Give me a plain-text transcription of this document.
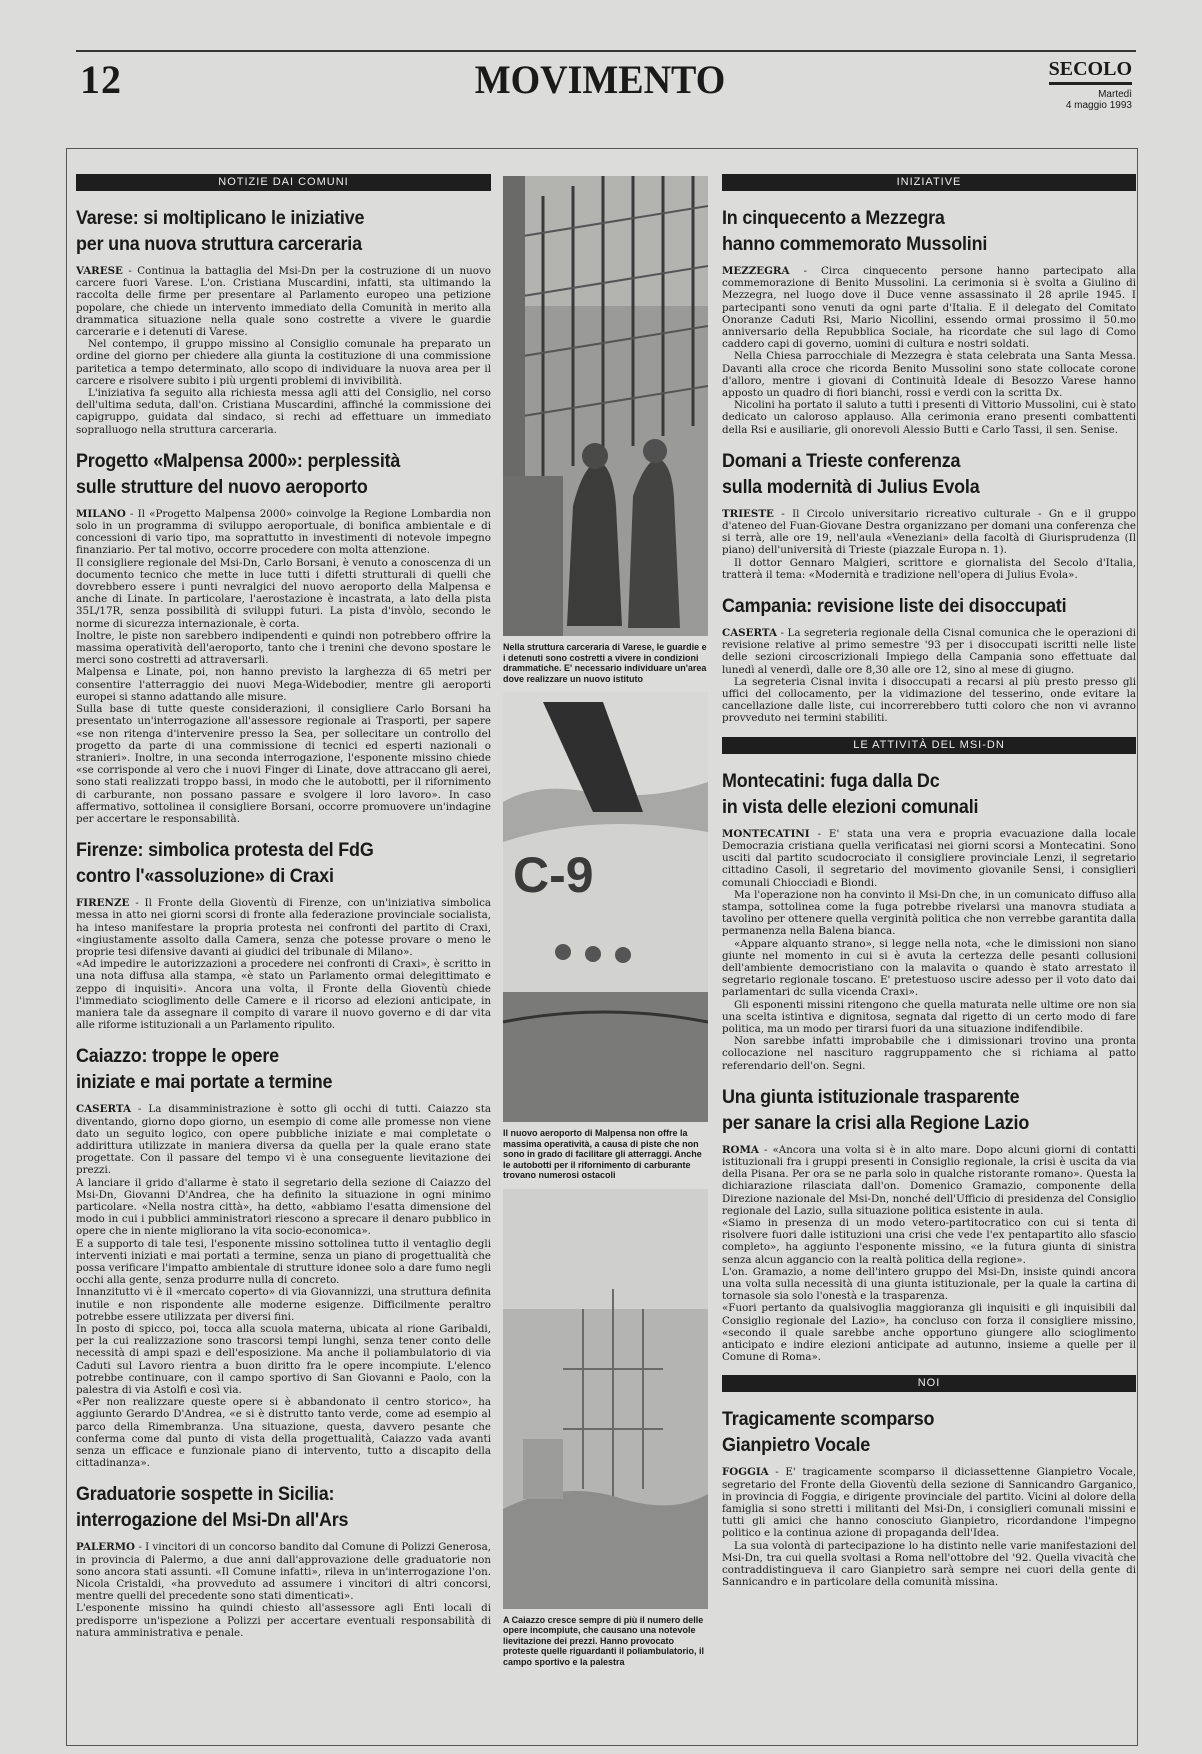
12	MOVIMENTO	SECOLO
Martedì
4 maggio 1993
NOTIZIE DAI COMUNI
Varese: si moltiplicano le iniziative
per una nuova struttura carceraria

VARESE - Continua la battaglia del Msi-Dn per la costruzione di un nuovo carcere fuori Varese. L'on. Cristiana Muscardini, infatti, sta ultimando la raccolta delle firme per presentare al Parlamento europeo una petizione popolare, che chiede un intervento immediato della Comunità in merito alla drammatica situazione nella quale sono costrette a vivere le guardie carcerarie e i detenuti di Varese.

Nel contempo, il gruppo missino al Consiglio comunale ha preparato un ordine del giorno per chiedere alla giunta la costituzione di una commissione paritetica a tempo determinato, allo scopo di individuare la nuova area per il carcere e risolvere subito i più urgenti problemi di invivibilità.

L'iniziativa fa seguito alla richiesta messa agli atti del Consiglio, nel corso dell'ultima seduta, dall'on. Cristiana Muscardini, affinché la commissione dei capigruppo, guidata dal sindaco, si rechi ad effettuare un immediato sopralluogo nella struttura carceraria.

Progetto «Malpensa 2000»: perplessità
sulle strutture del nuovo aeroporto

MILANO - Il «Progetto Malpensa 2000» coinvolge la Regione Lombardia non solo in un programma di sviluppo aeroportuale, di bonifica ambientale e di concessioni di vario tipo, ma soprattutto in investimenti di notevole impegno finanziario. Per tal motivo, occorre procedere con molta attenzione.

Il consigliere regionale del Msi-Dn, Carlo Borsani, è venuto a conoscenza di un documento tecnico che mette in luce tutti i difetti strutturali di quelli che dovrebbero essere i punti nevralgici del nuovo aeroporto della Malpensa e anche di Linate. In particolare, l'aerostazione è incastrata, a lato della pista 35L/17R, senza possibilità di sviluppi futuri. La pista d'invòlo, secondo le norme di sicurezza internazionale, è corta.

Inoltre, le piste non sarebbero indipendenti e quindi non potrebbero offrire la massima operatività dell'aeroporto, tanto che i trenini che devono spostare le merci sono costretti ad attraversarli.

Malpensa e Linate, poi, non hanno previsto la larghezza di 65 metri per consentire l'atterraggio dei nuovi Mega-Widebodier, mentre gli aeroporti europei si stanno adattando alle misure.

Sulla base di tutte queste considerazioni, il consigliere Carlo Borsani ha presentato un'interrogazione all'assessore regionale ai Trasporti, per sapere «se non ritenga d'intervenire presso la Sea, per sollecitare un controllo del progetto da parte di una commissione di tecnici ed esperti nazionali o stranieri». Inoltre, in una seconda interrogazione, l'esponente missino chiede «se corrisponde al vero che i nuovi Finger di Linate, dove attraccano gli aerei, sono stati realizzati troppo bassi, in modo che le autobotti, per il rifornimento di carburante, non possano passare e svolgere il loro lavoro». In caso affermativo, sottolinea il consigliere Borsani, occorre promuovere un'indagine per accertare le responsabilità.

Firenze: simbolica protesta del FdG
contro l'«assoluzione» di Craxi

FIRENZE - Il Fronte della Gioventù di Firenze, con un'iniziativa simbolica messa in atto nei giorni scorsi di fronte alla federazione provinciale socialista, ha inteso manifestare la propria protesta nei confronti del partito di Craxi, «ingiustamente assolto dalla Camera, senza che potesse provare o meno le proprie tesi difensive davanti ai giudici del tribunale di Milano».

«Ad impedire le autorizzazioni a procedere nei confronti di Craxi», è scritto in una nota diffusa alla stampa, «è stato un Parlamento ormai delegittimato e zeppo di inquisiti». Ancora una volta, il Fronte della Gioventù chiede l'immediato scioglimento delle Camere e il ricorso ad elezioni anticipate, in maniera tale da assegnare il compito di varare il nuovo governo e di dar vita alle riforme istituzionali a un Parlamento ripulito.

Caiazzo: troppe le opere
iniziate e mai portate a termine

CASERTA - La disamministrazione è sotto gli occhi di tutti. Caiazzo sta diventando, giorno dopo giorno, un esempio di come alle promesse non viene dato un seguito logico, con opere pubbliche iniziate e mai completate o addirittura utilizzate in maniera diversa da quella per la quale erano state progettate. Con il passare del tempo vi è una conseguente lievitazione dei prezzi.

A lanciare il grido d'allarme è stato il segretario della sezione di Caiazzo del Msi-Dn, Giovanni D'Andrea, che ha definito la situazione in ogni minimo particolare. «Nella nostra città», ha detto, «abbiamo l'esatta dimensione del modo in cui i pubblici amministratori riescono a sprecare il denaro pubblico in opere che in niente migliorano la vita socio-economica».

E a supporto di tale tesi, l'esponente missino sottolinea tutto il ventaglio degli interventi iniziati e mai portati a termine, senza un piano di progettualità che possa verificare l'impatto ambientale di strutture idonee solo a dare fumo negli occhi alla gente, senza produrre nulla di concreto.

Innanzitutto vi è il «mercato coperto» di via Giovannizzi, una struttura definita inutile e non rispondente alle moderne esigenze. Difficilmente peraltro potrebbe essere utilizzata per diversi fini.

In posto di spicco, poi, tocca alla scuola materna, ubicata al rione Garibaldi, per la cui realizzazione sono trascorsi tempi lunghi, senza tener conto delle necessità di ampi spazi e dell'esposizione. Ma anche il poliambulatorio di via Caduti sul Lavoro rientra a buon diritto fra le opere incompiute. L'elenco potrebbe continuare, con il campo sportivo di San Giovanni e Paolo, con la palestra di via Astolfi e così via.

«Per non realizzare queste opere si è abbandonato il centro storico», ha aggiunto Gerardo D'Andrea, «e si è distrutto tanto verde, come ad esempio al parco della Rimembranza. Una situazione, questa, davvero pesante che conferma come dal punto di vista della progettualità, Caiazzo vada avanti senza un efficace e funzionale piano di intervento, tutto a discapito della cittadinanza».

Graduatorie sospette in Sicilia:
interrogazione del Msi-Dn all'Ars

PALERMO - I vincitori di un concorso bandito dal Comune di Polizzi Generosa, in provincia di Palermo, a due anni dall'approvazione delle graduatorie non sono ancora stati assunti. «Il Comune infatti», rileva in un'interrogazione l'on. Nicola Cristaldi, «ha provveduto ad assumere i vincitori di altri concorsi, mentre quelli del precedente sono stati dimenticati».

L'esponente missino ha quindi chiesto all'assessore agli Enti locali di predisporre un'ispezione a Polizzi per accertare eventuali responsabilità di natura amministrativa e penale.

Nella struttura carceraria di Varese, le guardie e i detenuti sono costretti a vivere in condizioni drammatiche. E' necessario individuare un'area dove realizzare un nuovo istituto
C-9
Il nuovo aeroporto di Malpensa non offre la massima operatività, a causa di piste che non sono in grado di facilitare gli atterraggi. Anche le autobotti per il rifornimento di carburante trovano numerosi ostacoli
A Caiazzo cresce sempre di più il numero delle opere incompiute, che causano una notevole lievitazione dei prezzi. Hanno provocato proteste quelle riguardanti il poliambulatorio, il campo sportivo e la palestra
INIZIATIVE
In cinquecento a Mezzegra
hanno commemorato Mussolini

MEZZEGRA - Circa cinquecento persone hanno partecipato alla commemorazione di Benito Mussolini. La cerimonia si è svolta a Giulino di Mezzegra, nel luogo dove il Duce venne assassinato il 28 aprile 1945. I partecipanti sono venuti da ogni parte d'Italia. E il delegato del Comitato Onoranze Caduti Rsi, Mario Nicollini, essendo ormai prossimo il 50.mo anniversario della Repubblica Sociale, ha ricordate che sul lago di Como caddero capi di governo, uomini di cultura e nostri soldati.

Nella Chiesa parrocchiale di Mezzegra è stata celebrata una Santa Messa. Davanti alla croce che ricorda Benito Mussolini sono state collocate corone d'alloro, mentre i giovani di Continuità Ideale di Besozzo Varese hanno apposto un quadro di fiori bianchi, rossi e verdi con la scritta Dx.

Nicolini ha portato il saluto a tutti i presenti di Vittorio Mussolini, cui è stato dedicato un caloroso applauso. Alla cerimonia erano presenti combattenti della Rsi e ausiliarie, gli onorevoli Alessio Butti e Carlo Tassi, il sen. Senise.

Domani a Trieste conferenza
sulla modernità di Julius Evola

TRIESTE - Il Circolo universitario ricreativo culturale - Gn e il gruppo d'ateneo del Fuan-Giovane Destra organizzano per domani una conferenza che si terrà, alle ore 19, nell'aula «Veneziani» della facoltà di Giurisprudenza (Il piano) dell'università di Trieste (piazzale Europa n. 1).

Il dottor Gennaro Malgieri, scrittore e giornalista del Secolo d'Italia, tratterà il tema: «Modernità e tradizione nell'opera di Julius Evola».

Campania: revisione liste dei disoccupati

CASERTA - La segreteria regionale della Cisnal comunica che le operazioni di revisione relative al primo semestre '93 per i disoccupati iscritti nelle liste delle sezioni circoscrizionali Impiego della Campania sono effettuate dal lunedì al venerdì, dalle ore 8,30 alle ore 12, sino al mese di giugno.

La segreteria Cisnal invita i disoccupati a recarsi al più presto presso gli uffici del collocamento, per la vidimazione del tesserino, onde evitare la cancellazione dalle liste, cui incorrerebbero tutti coloro che non vi avranno provveduto nei termini stabiliti.

LE ATTIVITÀ DEL MSI-DN
Montecatini: fuga dalla Dc
in vista delle elezioni comunali

MONTECATINI - E' stata una vera e propria evacuazione dalla locale Democrazia cristiana quella verificatasi nei giorni scorsi a Montecatini. Sono usciti dal partito scudocrociato il consigliere provinciale Lenzi, il segretario cittadino Casoli, il segretario del movimento giovanile Sensi, i consiglieri comunali Chiocciadi e Biondi.

Ma l'operazione non ha convinto il Msi-Dn che, in un comunicato diffuso alla stampa, sottolinea come la fuga potrebbe rivelarsi una manovra studiata a tavolino per ottenere quella verginità politica che non verrebbe garantita dalla permanenza nella Balena bianca.

«Appare alquanto strano», si legge nella nota, «che le dimissioni non siano giunte nel momento in cui si è avuta la certezza delle pesanti collusioni dell'ambiente democristiano con la malavita o quando è stato arrestato il segretario regionale toscano. E' pretestuoso uscire adesso per il voto dato dai parlamentari dc sulla vicenda Craxi».

Gli esponenti missini ritengono che quella maturata nelle ultime ore non sia una scelta istintiva e dignitosa, segnata dal rigetto di un certo modo di fare politica, ma un modo per tirarsi fuori da una situazione indifendibile.

Non sarebbe infatti improbabile che i dimissionari trovino una pronta collocazione nel nascituro raggruppamento che si richiama al patto referendario dell'on. Segni.

Una giunta istituzionale trasparente
per sanare la crisi alla Regione Lazio

ROMA - «Ancora una volta si è in alto mare. Dopo alcuni giorni di contatti istituzionali fra i gruppi presenti in Consiglio regionale, la crisi è uscita da via della Pisana. Per ora se ne parla solo in qualche ristorante romano». Questa la dichiarazione rilasciata dall'on. Domenico Gramazio, componente della Direzione nazionale del Msi-Dn, nonché dell'Ufficio di presidenza del Consiglio regionale del Lazio, sulla situazione politica esistente in aula.

«Siamo in presenza di un modo vetero-partitocratico con cui si tenta di risolvere fuori dalle istituzioni una crisi che vede l'ex pentapartito allo sfascio completo», ha aggiunto l'esponente missino, «e la futura giunta di sinistra senza alcun aggancio con la realtà politica della regione».

L'on. Gramazio, a nome dell'intero gruppo del Msi-Dn, insiste quindi ancora una volta sulla necessità di una giunta istituzionale, per la quale la cartina di tornasole sia solo l'onestà e la trasparenza.

«Fuori pertanto da qualsivoglia maggioranza gli inquisiti e gli inquisibili dal Consiglio regionale del Lazio», ha concluso con forza il consigliere missino, «secondo il quale sarebbe anche opportuno giungere allo scioglimento anticipato e indire elezioni anticipate ad autunno, insieme a quelle per il Comune di Roma».

NOI
Tragicamente scomparso
Gianpietro Vocale

FOGGIA - E' tragicamente scomparso il diciassettenne Gianpietro Vocale, segretario del Fronte della Gioventù della sezione di Sannicandro Garganico, in provincia di Foggia, e dirigente provinciale del partito. Vicini al dolore della famiglia si sono stretti i militanti del Msi-Dn, i consiglieri comunali missini e tutti gli amici che hanno conosciuto Gianpietro, ricordandone l'impegno politico e la continua azione di propaganda dell'Idea.

La sua volontà di partecipazione lo ha distinto nelle varie manifestazioni del Msi-Dn, tra cui quella svoltasi a Roma nell'ottobre del '92. Quella vivacità che contraddistingueva il caro Gianpietro sarà sempre nei cuori della gente di Sannicandro e in particolare della comunità missina.
